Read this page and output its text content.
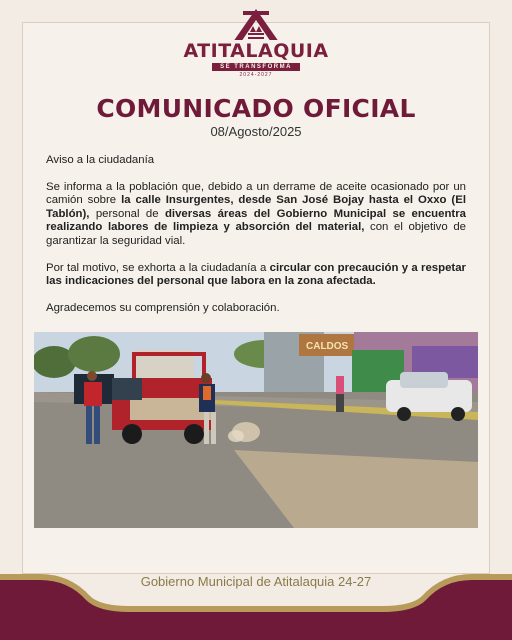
ATITALAQUIA
SE TRANSFORMA
2024-2027
COMUNICADO OFICIAL
08/Agosto/2025

Aviso a la ciudadanía

Se informa a la población que, debido a un derrame de aceite ocasionado por un camión sobre la calle Insurgentes, desde San José Bojay hasta el Oxxo (El Tablón), personal de diversas áreas del Gobierno Municipal se encuentra realizando labores de limpieza y absorción del material, con el objetivo de garantizar la seguridad vial.

Por tal motivo, se exhorta a la ciudadanía a circular con precaución y a respetar las indicaciones del personal que labora en la zona afectada.

Agradecemos su comprensión y colaboración.

CALDOS
Gobierno Municipal de Atitalaquia 24-27
